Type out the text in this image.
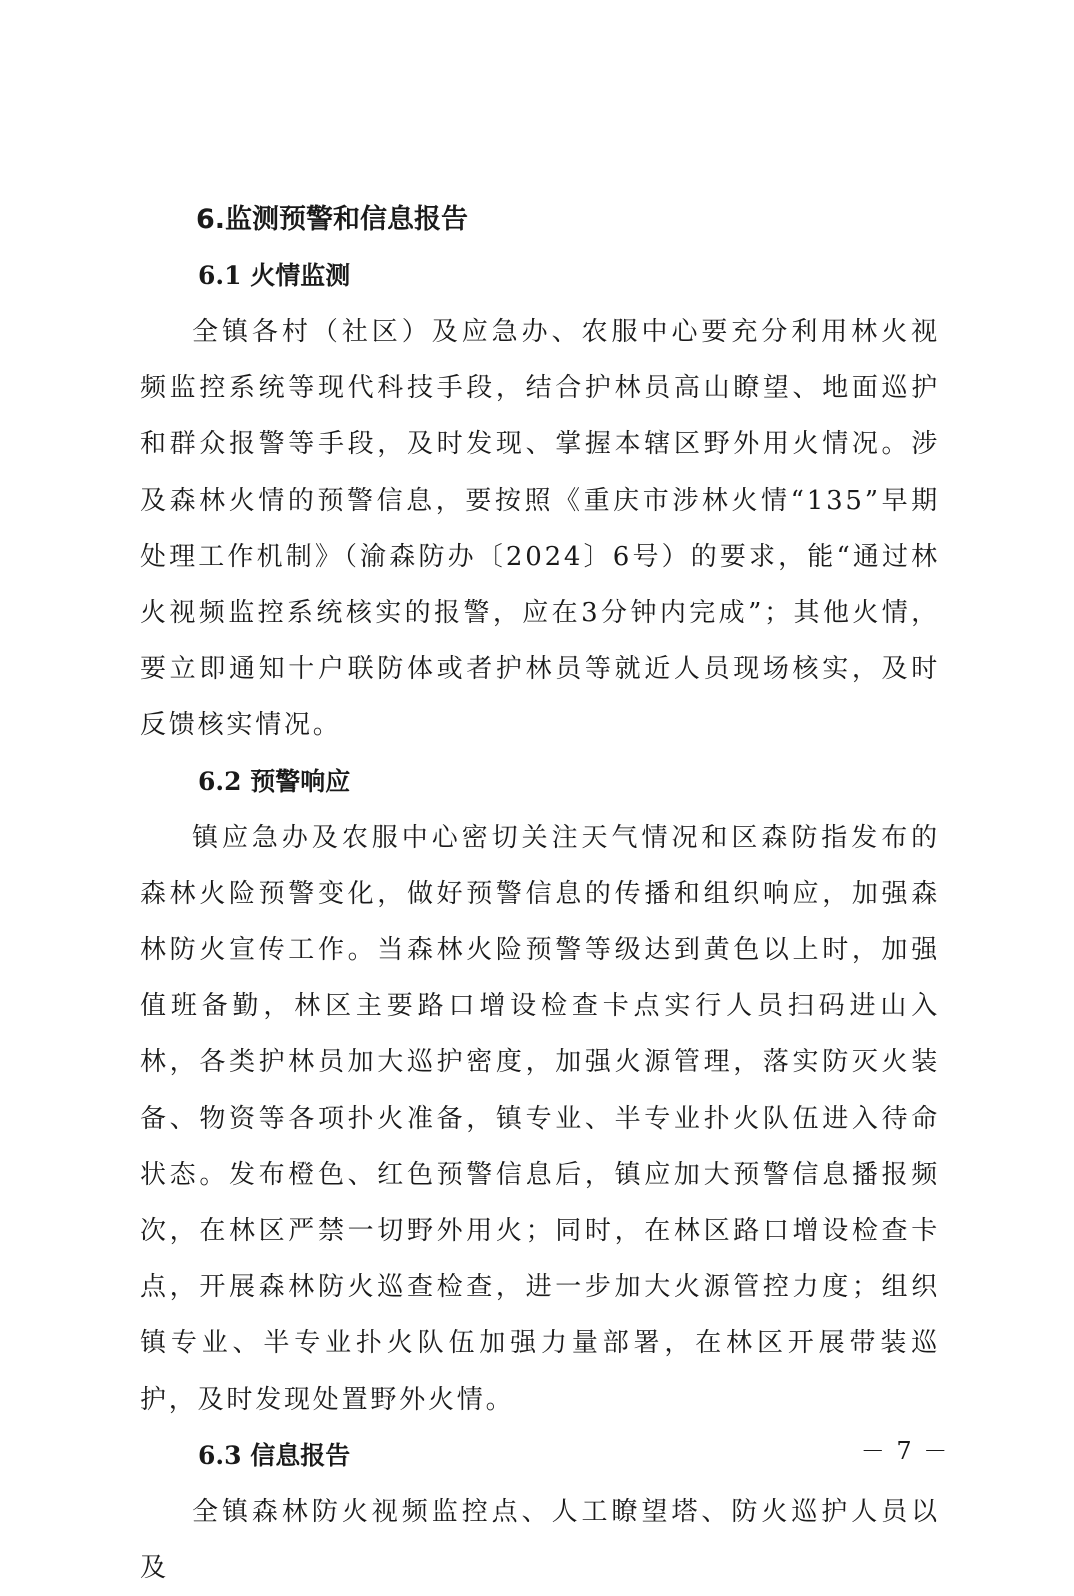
6.监测预警和信息报告
6.1 火情监测

全镇各村（社区）及应急办、农服中心要充分利用林火视频监控系统等现代科技手段，结合护林员高山瞭望、地面巡护和群众报警等手段，及时发现、掌握本辖区野外用火情况。涉及森林火情的预警信息，要按照《重庆市涉林火情“135”早期处理工作机制》（渝森防办〔2024〕6号）的要求，能“通过林火视频监控系统核实的报警，应在3分钟内完成”；其他火情，要立即通知十户联防体或者护林员等就近人员现场核实，及时反馈核实情况。

6.2 预警响应

镇应急办及农服中心密切关注天气情况和区森防指发布的森林火险预警变化，做好预警信息的传播和组织响应，加强森林防火宣传工作。当森林火险预警等级达到黄色以上时，加强值班备勤，林区主要路口增设检查卡点实行人员扫码进山入林，各类护林员加大巡护密度，加强火源管理，落实防灭火装备、物资等各项扑火准备，镇专业、半专业扑火队伍进入待命状态。发布橙色、红色预警信息后，镇应加大预警信息播报频次，在林区严禁一切野外用火；同时，在林区路口增设检查卡点，开展森林防火巡查检查，进一步加大火源管控力度；组织镇专业、半专业扑火队伍加强力量部署，在林区开展带装巡护，及时发现处置野外火情。

6.3 信息报告

全镇森林防火视频监控点、人工瞭望塔、防火巡护人员以及

－ 7 －
